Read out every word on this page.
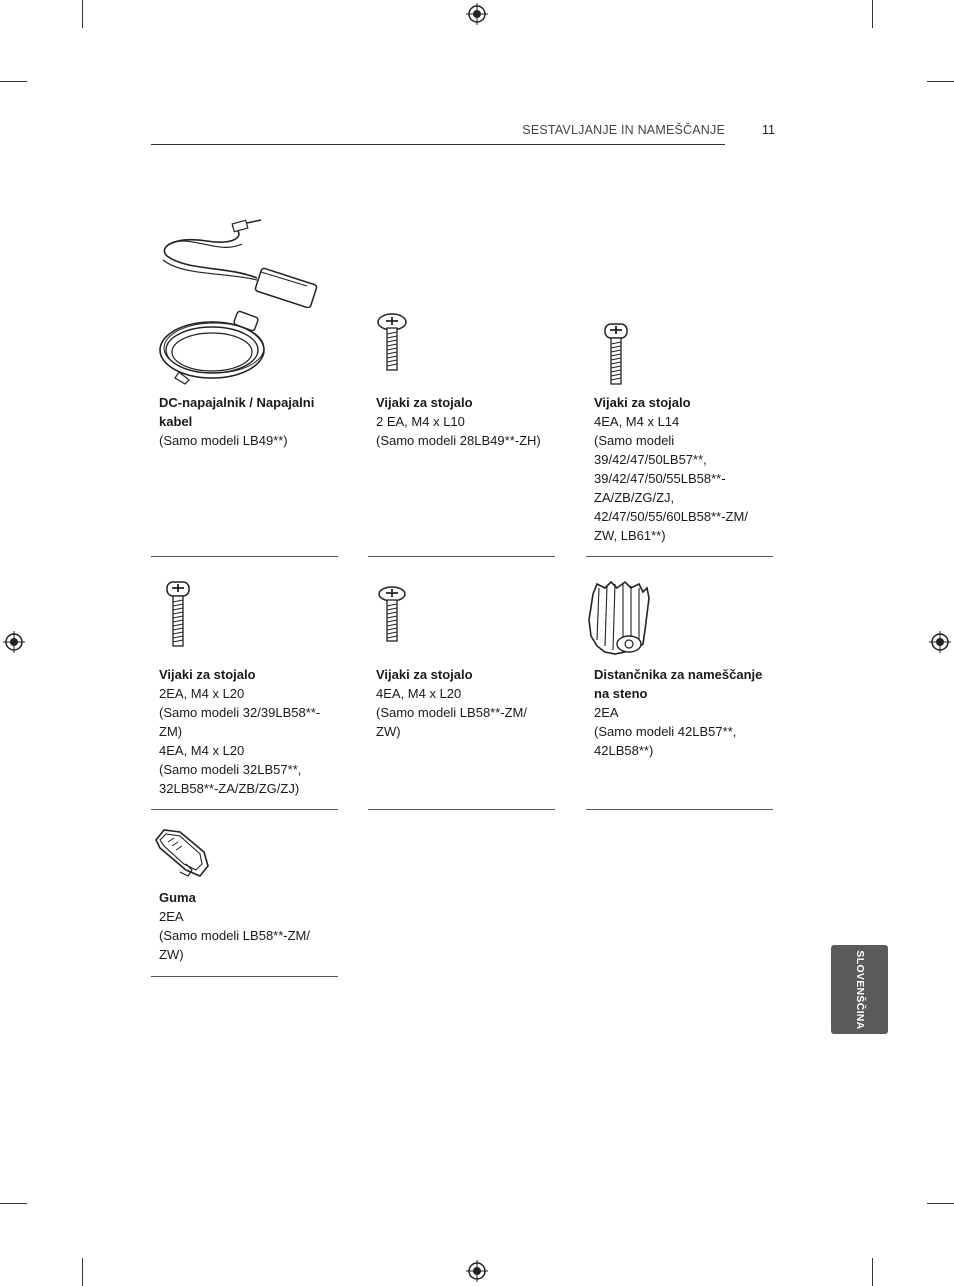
SESTAVLJANJE IN NAMEŠČANJE	11
DC-napajalnik / Napajalni kabel
(Samo modeli LB49**)
Vijaki za stojalo
2 EA, M4 x L10
(Samo modeli 28LB49**-ZH)
Vijaki za stojalo
4EA, M4 x L14
(Samo modeli
39/42/47/50LB57**,
39/42/47/50/55LB58**-
ZA/ZB/ZG/ZJ,
42/47/50/55/60LB58**-ZM/
ZW, LB61**)
Vijaki za stojalo
2EA, M4 x L20
(Samo modeli 32/39LB58**-
ZM)
4EA, M4 x L20
(Samo modeli 32LB57**,
32LB58**-ZA/ZB/ZG/ZJ)
Vijaki za stojalo
4EA, M4 x L20
(Samo modeli LB58**-ZM/
ZW)
Distančnika za nameščanje na steno
2EA
(Samo modeli 42LB57**,
42LB58**)
Guma
2EA
(Samo modeli LB58**-ZM/
ZW)	SLOVENŠČINA
